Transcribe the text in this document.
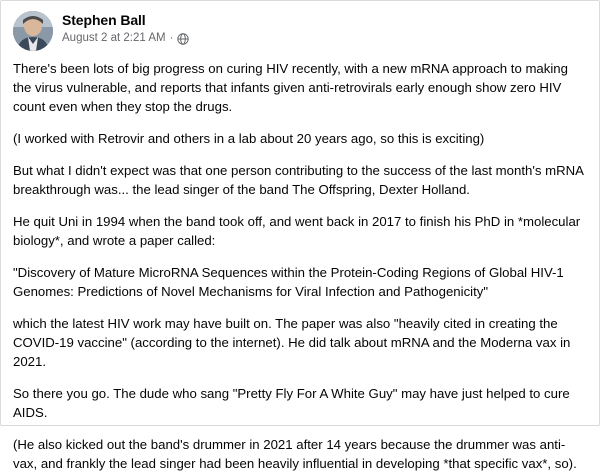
Stephen Ball
August 2 at 2:21 AM ·

There's been lots of big progress on curing HIV recently, with a new mRNA approach to making the virus vulnerable, and reports that infants given anti-retrovirals early enough show zero HIV count even when they stop the drugs.

(I worked with Retrovir and others in a lab about 20 years ago, so this is exciting)

But what I didn't expect was that one person contributing to the success of the last month's mRNA breakthrough was... the lead singer of the band The Offspring, Dexter Holland.

He quit Uni in 1994 when the band took off, and went back in 2017 to finish his PhD in *molecular biology*, and wrote a paper called:

"Discovery of Mature MicroRNA Sequences within the Protein-Coding Regions of Global HIV-1 Genomes: Predictions of Novel Mechanisms for Viral Infection and Pathogenicity"

which the latest HIV work may have built on. The paper was also "heavily cited in creating the COVID-19 vaccine" (according to the internet). He did talk about mRNA and the Moderna vax in 2021.

So there you go. The dude who sang "Pretty Fly For A White Guy" may have just helped to cure AIDS.

(He also kicked out the band's drummer in 2021 after 14 years because the drummer was anti-vax, and frankly the lead singer had been heavily influential in developing *that specific vax*, so).
